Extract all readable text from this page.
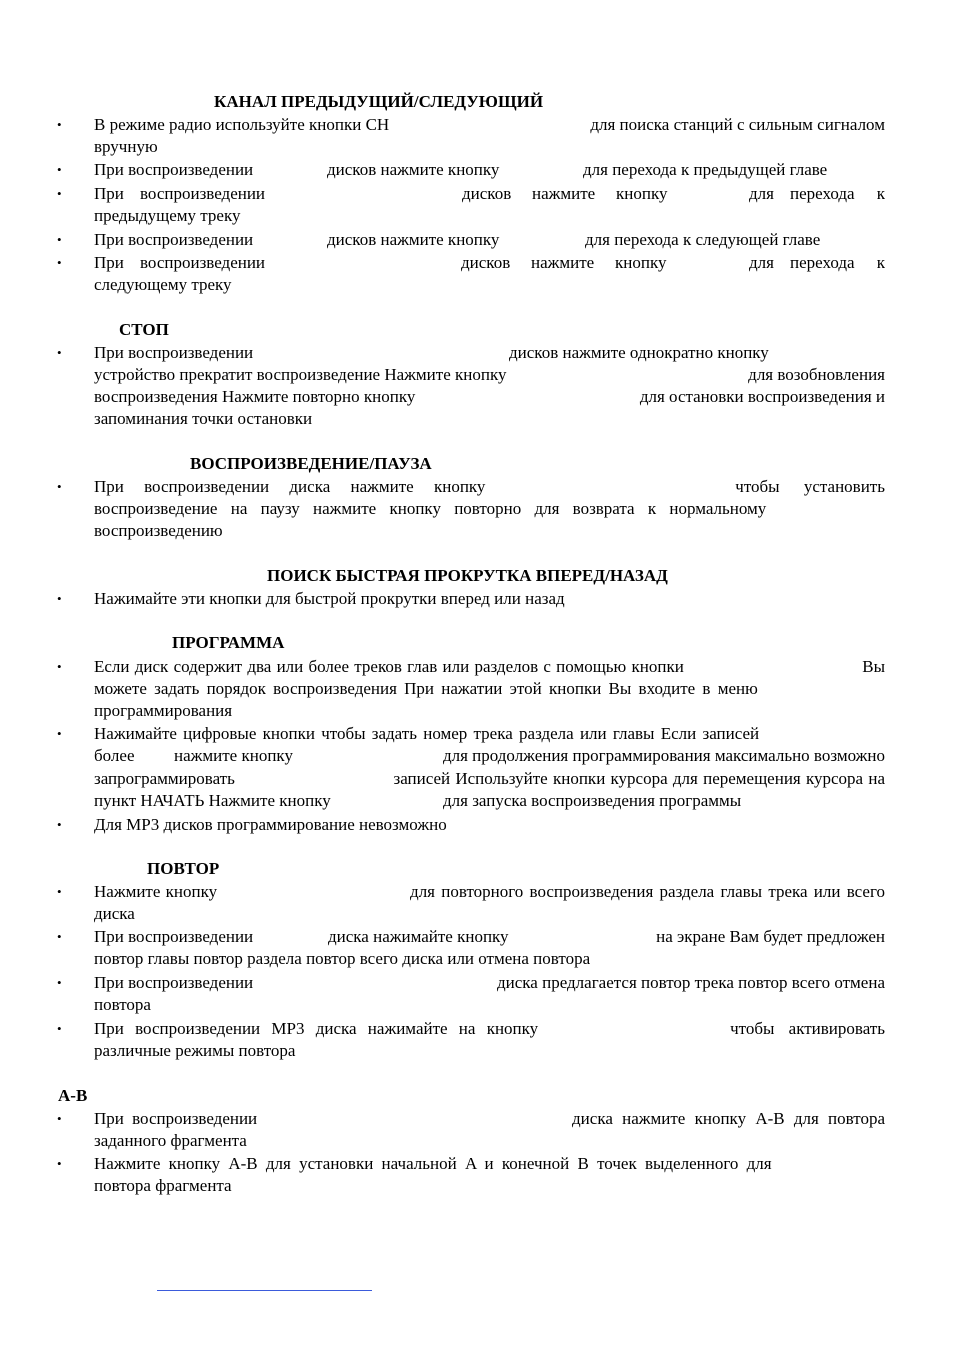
КАНАЛ ПРЕДЫДУЩИЙ/СЛЕДУЮЩИЙ
•	В режиме радио используйте кнопки CH	для поиска станций с сильным сигналом
вручную
•	При воспроизведении	дисков нажмите кнопку	для перехода к предыдущей главе
•	При воспроизведении	дисков нажмите кнопку	для перехода к
предыдущему треку
•	При воспроизведении	дисков нажмите кнопку	для перехода к следующей главе
•	При воспроизведении	дисков нажмите кнопку	для перехода к
следующему треку
СТОП
•	При воспроизведении	дисков нажмите однократно кнопку
устройство прекратит воспроизведение Нажмите кнопку	для возобновления
воспроизведения Нажмите повторно кнопку	для остановки воспроизведения и
запоминания точки остановки
ВОСПРОИЗВЕДЕНИЕ/ПАУЗА
•	При воспроизведении диска нажмите кнопку	чтобы установить
воспроизведение на паузу нажмите кнопку повторно для возврата к нормальному
воспроизведению
ПОИСК БЫСТРАЯ ПРОКРУТКА ВПЕРЕД/НАЗАД
•	Нажимайте эти кнопки для быстрой прокрутки вперед или назад
ПРОГРАММА
•	Если диск содержит два или более треков глав или разделов с помощью кнопки	Вы
можете задать порядок воспроизведения При нажатии этой кнопки Вы входите в меню
программирования
•	Нажимайте цифровые кнопки чтобы задать номер трека раздела или главы Если записей
более нажмите кнопку	для продолжения программирования максимально возможно
запрограммировать	записей Используйте кнопки курсора для перемещения курсора на
пункт НАЧАТЬ Нажмите кнопку	для запуска воспроизведения программы
•	Для MP3 дисков программирование невозможно
ПОВТОР
•	Нажмите кнопку	для повторного воспроизведения раздела главы трека или всего
диска
•	При воспроизведении	диска нажимайте кнопку	на экране Вам будет предложен
повтор главы повтор раздела повтор всего диска или отмена повтора
•	При воспроизведении	диска предлагается повтор трека повтор всего отмена
повтора
•	При воспроизведении MP3 диска нажимайте на кнопку	чтобы активировать
различные режимы повтора
A-B
•	При воспроизведении	диска нажмите кнопку A-B для повтора
заданного фрагмента
•	Нажмите кнопку A-B для установки начальной A и конечной B точек выделенного для
повтора фрагмента
